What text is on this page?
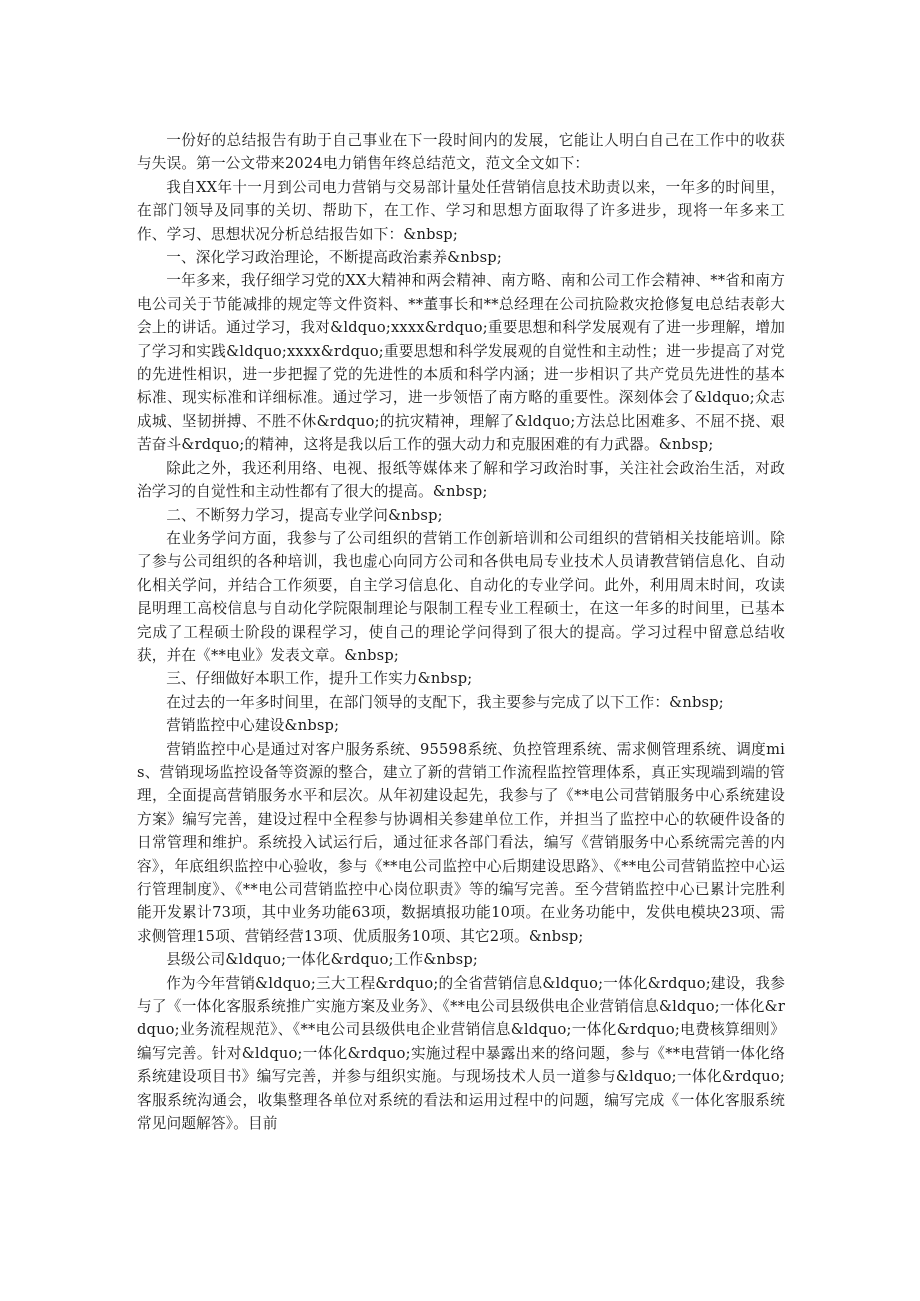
一份好的总结报告有助于自己事业在下一段时间内的发展，它能让人明白自己在工作中的收获与失误。第一公文带来2024电力销售年终总结范文，范文全文如下：

我自XX年十一月到公司电力营销与交易部计量处任营销信息技术助责以来，一年多的时间里，在部门领导及同事的关切、帮助下，在工作、学习和思想方面取得了许多进步，现将一年多来工作、学习、思想状况分析总结报告如下：&nbsp;

一、深化学习政治理论，不断提高政治素养&nbsp;

一年多来，我仔细学习党的XX大精神和两会精神、南方略、南和公司工作会精神、**省和南方电公司关于节能减排的规定等文件资料、**董事长和**总经理在公司抗险救灾抢修复电总结表彰大会上的讲话。通过学习，我对&ldquo;xxxx&rdquo;重要思想和科学发展观有了进一步理解，增加了学习和实践&ldquo;xxxx&rdquo;重要思想和科学发展观的自觉性和主动性；进一步提高了对党的先进性相识，进一步把握了党的先进性的本质和科学内涵；进一步相识了共产党员先进性的基本标准、现实标准和详细标准。通过学习，进一步领悟了南方略的重要性。深刻体会了&ldquo;众志成城、坚韧拼搏、不胜不休&rdquo;的抗灾精神，理解了&ldquo;方法总比困难多、不屈不挠、艰苦奋斗&rdquo;的精神，这将是我以后工作的强大动力和克服困难的有力武器。&nbsp;

除此之外，我还利用络、电视、报纸等媒体来了解和学习政治时事，关注社会政治生活，对政治学习的自觉性和主动性都有了很大的提高。&nbsp;

二、不断努力学习，提高专业学问&nbsp;

在业务学问方面，我参与了公司组织的营销工作创新培训和公司组织的营销相关技能培训。除了参与公司组织的各种培训，我也虚心向同方公司和各供电局专业技术人员请教营销信息化、自动化相关学问，并结合工作须要，自主学习信息化、自动化的专业学问。此外，利用周末时间，攻读昆明理工高校信息与自动化学院限制理论与限制工程专业工程硕士，在这一年多的时间里，已基本完成了工程硕士阶段的课程学习，使自己的理论学问得到了很大的提高。学习过程中留意总结收获，并在《**电业》发表文章。&nbsp;

三、仔细做好本职工作，提升工作实力&nbsp;

在过去的一年多时间里，在部门领导的支配下，我主要参与完成了以下工作：&nbsp;

营销监控中心建设&nbsp;

营销监控中心是通过对客户服务系统、95598系统、负控管理系统、需求侧管理系统、调度mis、营销现场监控设备等资源的整合，建立了新的营销工作流程监控管理体系，真正实现端到端的管理，全面提高营销服务水平和层次。从年初建设起先，我参与了《**电公司营销服务中心系统建设方案》编写完善，建设过程中全程参与协调相关参建单位工作，并担当了监控中心的软硬件设备的日常管理和维护。系统投入试运行后，通过征求各部门看法，编写《营销服务中心系统需完善的内容》，年底组织监控中心验收，参与《**电公司监控中心后期建设思路》、《**电公司营销监控中心运行管理制度》、《**电公司营销监控中心岗位职责》等的编写完善。至今营销监控中心已累计完胜利能开发累计73项，其中业务功能63项，数据填报功能10项。在业务功能中，发供电模块23项、需求侧管理15项、营销经营13项、优质服务10项、其它2项。&nbsp;

县级公司&ldquo;一体化&rdquo;工作&nbsp;

作为今年营销&ldquo;三大工程&rdquo;的全省营销信息&ldquo;一体化&rdquo;建设，我参与了《一体化客服系统推广实施方案及业务》、《**电公司县级供电企业营销信息&ldquo;一体化&rdquo;业务流程规范》、《**电公司县级供电企业营销信息&ldquo;一体化&rdquo;电费核算细则》编写完善。针对&ldquo;一体化&rdquo;实施过程中暴露出来的络问题，参与《**电营销一体化络系统建设项目书》编写完善，并参与组织实施。与现场技术人员一道参与&ldquo;一体化&rdquo;客服系统沟通会，收集整理各单位对系统的看法和运用过程中的问题，编写完成《一体化客服系统常见问题解答》。目前
